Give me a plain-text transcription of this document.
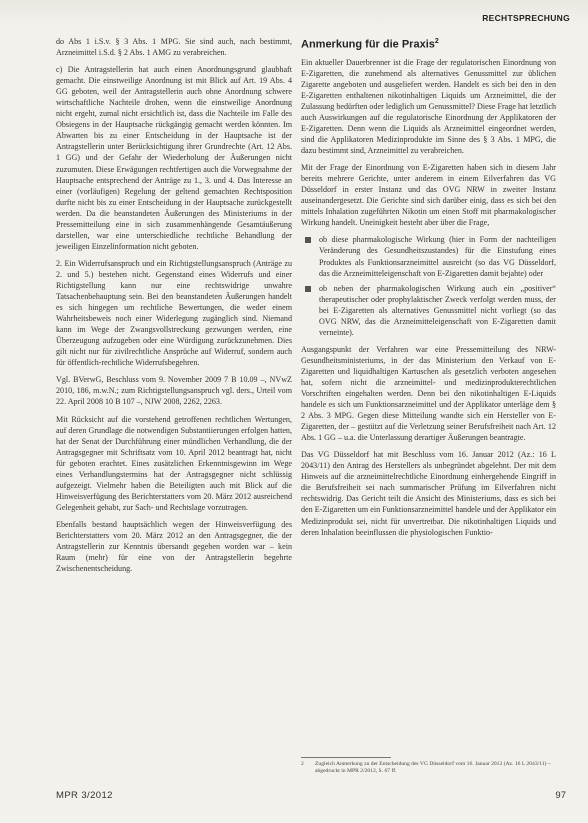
RECHTSPRECHUNG

do Abs 1 i.S.v. § 3 Abs. 1 MPG. Sie sind auch, nach bestimmt, Arzneimittel i.S.d. § 2 Abs. 1 AMG zu verabreichen.

c) Die Antragstellerin hat auch einen Anordnungsgrund glaubhaft gemacht. Die einstweilige Anordnung ist mit Blick auf Art. 19 Abs. 4 GG geboten, weil der Antragstellerin auch ohne Anordnung schwere wirtschaftliche Nachteile drohen, wenn die einstweilige Anordnung nicht ergeht, zumal nicht ersichtlich ist, dass die Nachteile im Falle des Obsiegens in der Hauptsache rückgängig gemacht werden könnten. Im Abwarten bis zu einer Entscheidung in der Hauptsache ist der Antragstellerin unter Berücksichtigung ihrer Grundrechte (Art. 12 Abs. 1 GG) und der Gefahr der Wiederholung der Äußerungen nicht zuzumuten. Diese Erwägungen rechtfertigen auch die Vorwegnahme der Hauptsache entsprechend der Anträge zu 1., 3. und 4. Das Interesse an einer (vorläufigen) Regelung der geltend gemachten Rechtsposition durfte nicht bis zu einer Entscheidung in der Hauptsache zurückgestellt werden. Da die beanstandeten Äußerungen des Ministeriums in der Pressemitteilung eine in sich zusammenhängende Gesamtäußerung darstellen, war eine unterschiedliche rechtliche Behandlung der jeweiligen Einzelinformation nicht geboten.

2. Ein Widerrufsanspruch und ein Richtigstellungsanspruch (Anträge zu 2. und 5.) bestehen nicht. Gegenstand eines Widerrufs und einer Richtigstellung kann nur eine rechtswidrige unwahre Tatsachenbehauptung sein. Bei den beanstandeten Äußerungen handelt es sich hingegen um rechtliche Bewertungen, die weder einem Wahrheitsbeweis noch einer Widerlegung zugänglich sind. Niemand kann im Wege der Zwangsvollstreckung gezwungen werden, eine Überzeugung aufzugeben oder eine Würdigung zurückzunehmen. Dies gilt nicht nur für zivilrechtliche Ansprüche auf Widerruf, sondern auch für öffentlich-rechtliche Widerrufsbegehren.

Vgl. BVerwG, Beschluss vom 9. November 2009 7 B 10.09 –, NVwZ 2010, 186, m.w.N.; zum Richtigstellungsanspruch vgl. ders., Urteil vom 22. April 2008 10 B 107 –, NJW 2008, 2262, 2263.

Mit Rücksicht auf die vorstehend getroffenen rechtlichen Wertungen, auf deren Grundlage die notwendigen Substantiierungen erfolgen hatten, hat der Senat der Durchführung einer mündlichen Verhandlung, die der Antragsgegner mit Schriftsatz vom 10. April 2012 beantragt hat, nicht für geboten erachtet. Eines zusätzlichen Erkenntnisgewinn im Wege eines Verhandlungstermins hat der Antragsgegner nicht schlüssig aufgezeigt. Vielmehr haben die Beteiligten auch mit Blick auf die Hinweisverfügung des Berichterstatters vom 20. März 2012 ausreichend Gelegenheit gehabt, zur Sach- und Rechtslage vorzutragen.

Ebenfalls bestand hauptsächlich wegen der Hinweisverfügung des Berichterstatters vom 20. März 2012 an den Antragsgegner, die der Antragstellerin zur Kenntnis übersandt gegeben worden war – kein Raum (mehr) für eine von der Antragstellerin begehrte Zwischenentscheidung.

Anmerkung für die Praxis$^2$

Ein aktueller Dauerbrenner ist die Frage der regulatorischen Einordnung von E-Zigaretten, die zunehmend als alternatives Genussmittel zur üblichen Zigarette angeboten und ausgeliefert werden. Handelt es sich bei den in den E-Zigaretten enthaltenen nikotinhaltigen Liquids um Arzneimittel, die der Zulassung bedürften oder lediglich um Genussmittel? Diese Frage hat letztlich auch Auswirkungen auf die regulatorische Einordnung der Applikatoren der E-Zigaretten. Denn wenn die Liquids als Arzneimittel eingeordnet werden, sind die Applikatoren Medizinprodukte im Sinne des § 3 Abs. 1 MPG, die dazu bestimmt sind, Arzneimittel zu verabreichen.

Mit der Frage der Einordnung von E-Zigaretten haben sich in diesem Jahr bereits mehrere Gerichte, unter anderem in einem Eilverfahren das VG Düsseldorf in erster Instanz und das OVG NRW in zweiter Instanz auseinandergesetzt. Die Gerichte sind sich darüber einig, dass es sich bei den mittels Inhalation zugeführten Nikotin um einen Stoff mit pharmakologischer Wirkung handelt. Uneinigkeit besteht aber über die Frage,

ob diese pharmakologische Wirkung (hier in Form der nachteiligen Veränderung des Gesundheitszustandes) für die Einstufung eines Produktes als Funktionsarzneimittel ausreicht (so das VG Düsseldorf, das die Arzneimitteleigenschaft von E-Zigaretten damit bejahte) oder
ob neben der pharmakologischen Wirkung auch ein „positiver“ therapeutischer oder prophylaktischer Zweck verfolgt werden muss, der bei E-Zigaretten als alternatives Genussmittel nicht vorliegt (so das OVG NRW, das die Arzneimitteleigenschaft von E-Zigaretten damit verneinte).

Ausgangspunkt der Verfahren war eine Pressemitteilung des NRW-Gesundheitsministeriums, in der das Ministerium den Verkauf von E-Zigaretten und liquidhaltigen Kartuschen als gesetzlich verboten angesehen hat, sofern nicht die arzneimittel- und medizinprodukterechtlichen Vorschriften eingehalten werden. Denn bei den nikotinhaltigen E-Liquids handele es sich um Funktionsarzneimittel und der Applikator unterläge dem § 2 Abs. 3 MPG. Gegen diese Mitteilung wandte sich ein Hersteller von E-Zigaretten, der – gestützt auf die Verletzung seiner Berufsfreiheit nach Art. 12 Abs. 1 GG – u.a. die Unterlassung derartiger Äußerungen beantragte.

Das VG Düsseldorf hat mit Beschluss vom 16. Januar 2012 (Az.: 16 L 2043/11) den Antrag des Herstellers als unbegründet abgelehnt. Der mit dem Hinweis auf die arzneimittelrechtliche Einordnung einhergehende Eingriff in die Berufsfreiheit sei nach summarischer Prüfung im Eilverfahren nicht rechtswidrig. Das Gericht teilt die Ansicht des Ministeriums, dass es sich bei den E-Zigaretten um ein Funktionsarzneimittel handele und der Applikator ein Medizinprodukt sei, nicht für unvertretbar. Die nikotinhaltigen Liquids und deren Inhalation beeinflussen die physiologischen Funktio-

2 Zugleich Anmerkung zu der Entscheidung des VG Düsseldorf vom 16. Januar 2012 (Az. 16 L 2043/11) – abgedruckt in MPR 2/2012, S. 67 ff.
MPR 3/2012	97
